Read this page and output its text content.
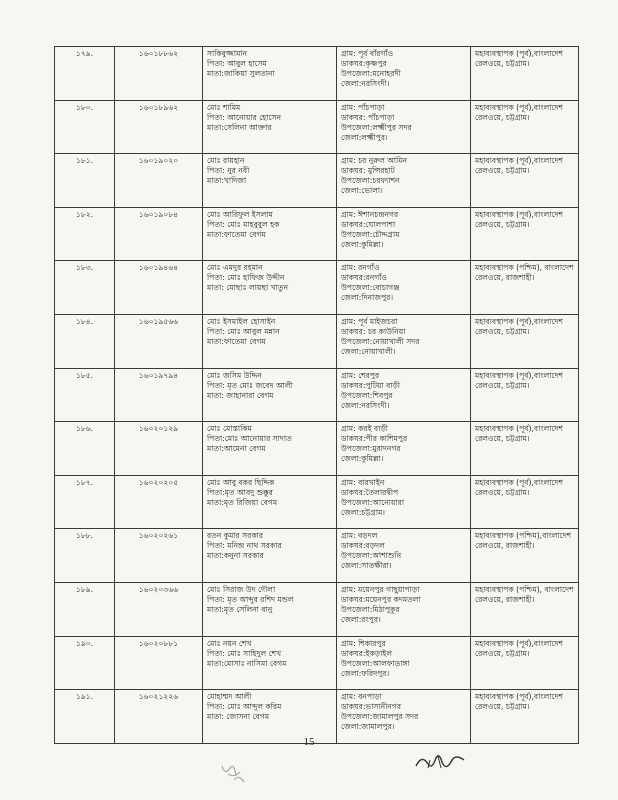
১৭৯.	১৬০১৮৮৬২	সাকিবুজ্জামান
পিতা: আবুল হাসেম
মাতা:জাকিয়া সুলতানা	গ্রাম: পূর্ব বাঁরগাঁও
ডাকঘর:কৃষ্ণপুর
উপজেলা:মনোহরদী
জেলা:নরসিংদী।	মহাব্যবস্থাপক (পূর্ব),বাংলাদেশ
রেলওয়ে, চট্টগ্রাম।

১৮০.	১৬০১৮৯৬২	মোঃ শামিম
পিতা: আনোয়ার হোসেন
মাতা:সেলিনা আক্তার	গ্রাম: পাঁচপাড়া
ডাকঘর: পাঁচপাড়া
উপজেলা:লক্ষ্মীপুর সদর
জেলা:লক্ষ্মীপুর।	মহাব্যবস্থাপক (পূর্ব),বাংলাদেশ
রেলওয়ে, চট্টগ্রাম।

১৮১.	১৬০১৯০২০	মোঃ রায়হান
পিতা: নুর নবী
মাতা:খাদিজা	গ্রাম: চর নুরুল আমিন
ডাকঘর: মুন্সিরহাট
উপজেলা:চরফ্যাশন
জেলা:ভোলা।	মহাব্যবস্থাপক (পূর্ব),বাংলাদেশ
রেলওয়ে, চট্টগ্রাম।

১৮২.	১৬০১৯০৮৪	মোঃ আরিফুল ইসলাম
পিতা: মোঃ মাহবুবুল হক
মাতা:ফাতেমা বেগম	গ্রাম: ঈশানচন্দ্রনগর
ডাকঘর:ঘোলপাশা
উপজেলা:চৌদ্দগ্রাম
জেলা:কুমিল্লা।	মহাব্যবস্থাপক (পূর্ব),বাংলাদেশ
রেলওয়ে, চট্টগ্রাম।

১৮৩.	১৬০১৯৪৬৪	মোঃ এমদুর রহমান
পিতা: মোঃ হাফিজ উদ্দীন
মাতা: মোছাঃ লায়ছা খাতুন	গ্রাম: রনগাঁও
ডাকঘর:রনগাঁও
উপজেলা:বোচাগঞ্জ
জেলা:দিনাজপুর।	মহাব্যবস্থাপক (পশ্চিম), বাংলাদেশ
রেলওয়ে, রাজশাহী।

১৮৪.	১৬০১৯৫৬৬	মোঃ ইসমাইল হোসাইন
পিতা: মোঃ আবুল মন্নান
মাতা:ফাতেমা বেগম	গ্রাম: পূর্ব মাইজচরা
ডাকঘর: চর কাউনিয়া
উপজেলা:নোয়াখালী সদর
জেলা:নোয়াখালী।	মহাব্যবস্থাপক (পূর্ব),বাংলাদেশ
রেলওয়ে, চট্টগ্রাম।

১৮৫.	১৬০১৯৭৯৪	মোঃ জসিম উদ্দিন
পিতা: মৃত মোঃ জবেদ আলী
মাতা: জাহানারা বেগম	গ্রাম: শেরপুর
ডাকঘর:পুটিয়া বাড়ী
উপজেলা:শিবপুর
জেলা:নরসিংদী।	মহাব্যবস্থাপক (পূর্ব),বাংলাদেশ
রেলওয়ে, চট্টগ্রাম।

১৮৬.	১৬০২০১২৯	মোঃ মোস্তাকিম
পিতা:মোঃ আনোয়ার সাদাত
মাতা:আমেনা বেগম	গ্রাম: করই বাড়ী
ডাকঘর:পীর কাশিমপুর
উপজেলা:মুরাদনগর
জেলা:কুমিল্লা।	মহাব্যবস্থাপক (পূর্ব),বাংলাদেশ
রেলওয়ে, চট্টগ্রাম।

১৮৭.	১৬০২০২০৫	মোঃ আবু বকর ছিদ্দিক
পিতা:মৃত আবদু শুক্কুর
মাতা:মৃত রিজিয়া বেগম	গ্রাম: বারখাইন
ডাকঘর:তৈলারদ্বীপ
উপজেলা:আনোয়ারা
জেলা:চট্টগ্রাম।	মহাব্যবস্থাপক (পূর্ব),বাংলাদেশ
রেলওয়ে, চট্টগ্রাম।

১৮৮.	১৬০২০২৬১	রতন কুমার সরকার
পিতা: মনিন্দ্র নাথ সরকার
মাতা:কনুনা সরকার	গ্রাম: বড়দল
ডাকঘর:বড়দল
উপজেলা:আশাশুনি
জেলা:সাতক্ষীরা।	মহাব্যবস্থাপক (পশ্চিম),বাংলাদেশ
রেলওয়ে, রাজশাহী।

১৮৯.	১৬০২০৩৬৬	মোঃ সিরাজ উদ দৌলা
পিতা: মৃত আব্দুর রশিদ মন্ডল
মাতা:মৃত সেলিনা বানু	গ্রাম: ময়েনপুর গাছুয়াপাড়া
ডাকঘর:ময়েনপুর কদমতলা
উপজেলা:মিঠাপুকুর
জেলা:রংপুর।	মহাব্যবস্থাপক (পশ্চিম), বাংলাদেশ
রেলওয়ে, রাজশাহী।

১৯০.	১৬০২০৮৮১	মোঃ নয়ন শেখ
পিতা: মোঃ সাহিদুল শেখ
মাতা:মোসাঃ নাসিমা বেগম	গ্রাম: শিকারপুর
ডাকঘর:ইকড়াইল
উপজেলা:আলফাডাঙ্গা
জেলা:ফরিদপুর।	মহাব্যবস্থাপক (পূর্ব),বাংলাদেশ
রেলওয়ে, চট্টগ্রাম।

১৯১.	১৬০২১২২৬	মোহাম্মদ আলী
পিতা: মোঃ আব্দুল করিম
মাতা: জোসনা বেগম	গ্রাম: বনপাড়া
ডাকঘর:ভাসানীনগর
উপজেলা:জামালপুর সদর
জেলা:জামালপুর।	মহাব্যবস্থাপক (পূর্ব),বাংলাদেশ
রেলওয়ে, চট্টগ্রাম।
15
